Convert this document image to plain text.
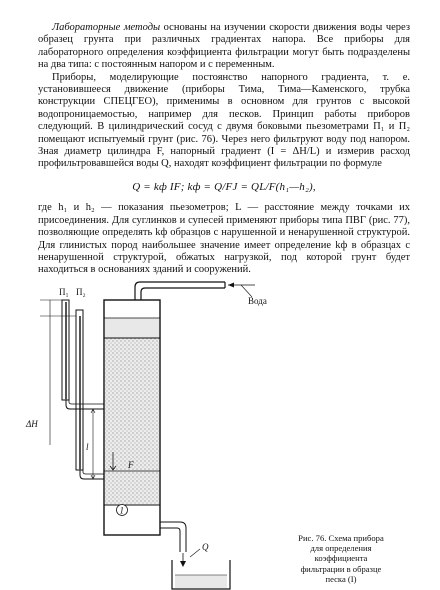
Лабораторные методы основаны на изучении скорости движения воды через образец грунта при различных градиентах напора. Все приборы для лабораторного определения коэффициента фильтрации могут быть подразделены на два типа: с постоянным напором и с переменным.

Приборы, моделирующие постоянство напорного градиента, т. е. установившееся движение (приборы Тима, Тима—Каменского, трубка конструкции СПЕЦГЕО), применимы в основном для грунтов с высокой водопроницаемостью, например для песков. Принцип работы приборов следующий. В цилиндрический сосуд с двумя боковыми пьезометрами П₁ и П₂ помещают испытуемый грунт (рис. 76). Через него фильтруют воду под напором. Зная диаметр цилиндра F, напорный градиент (I = ΔH/L) и измерив расход профильтровавшейся воды Q, находят коэффициент фильтрации по формуле

Q = kф IF; kф = Q/FJ = QL/F(h₁—h₂),

где h₁ и h₂ — показания пьезометров; L — расстояние между точками их присоединения. Для суглинков и супесей применяют приборы типа ПВГ (рис. 77), позволяющие определять kф образцов с нарушенной и ненарушенной структурой. Для глинистых пород наибольшее значение имеет определение kф в образцах с ненарушенной структурой, обжатых нагрузкой, под которой грунт будет находиться в основаниях зданий и сооружений.

Вода
П₁ П₂
ΔH
l
F
1
Q
Рис. 76. Схема прибора
для определения
коэффициента
фильтрации в образце
песка (I)
